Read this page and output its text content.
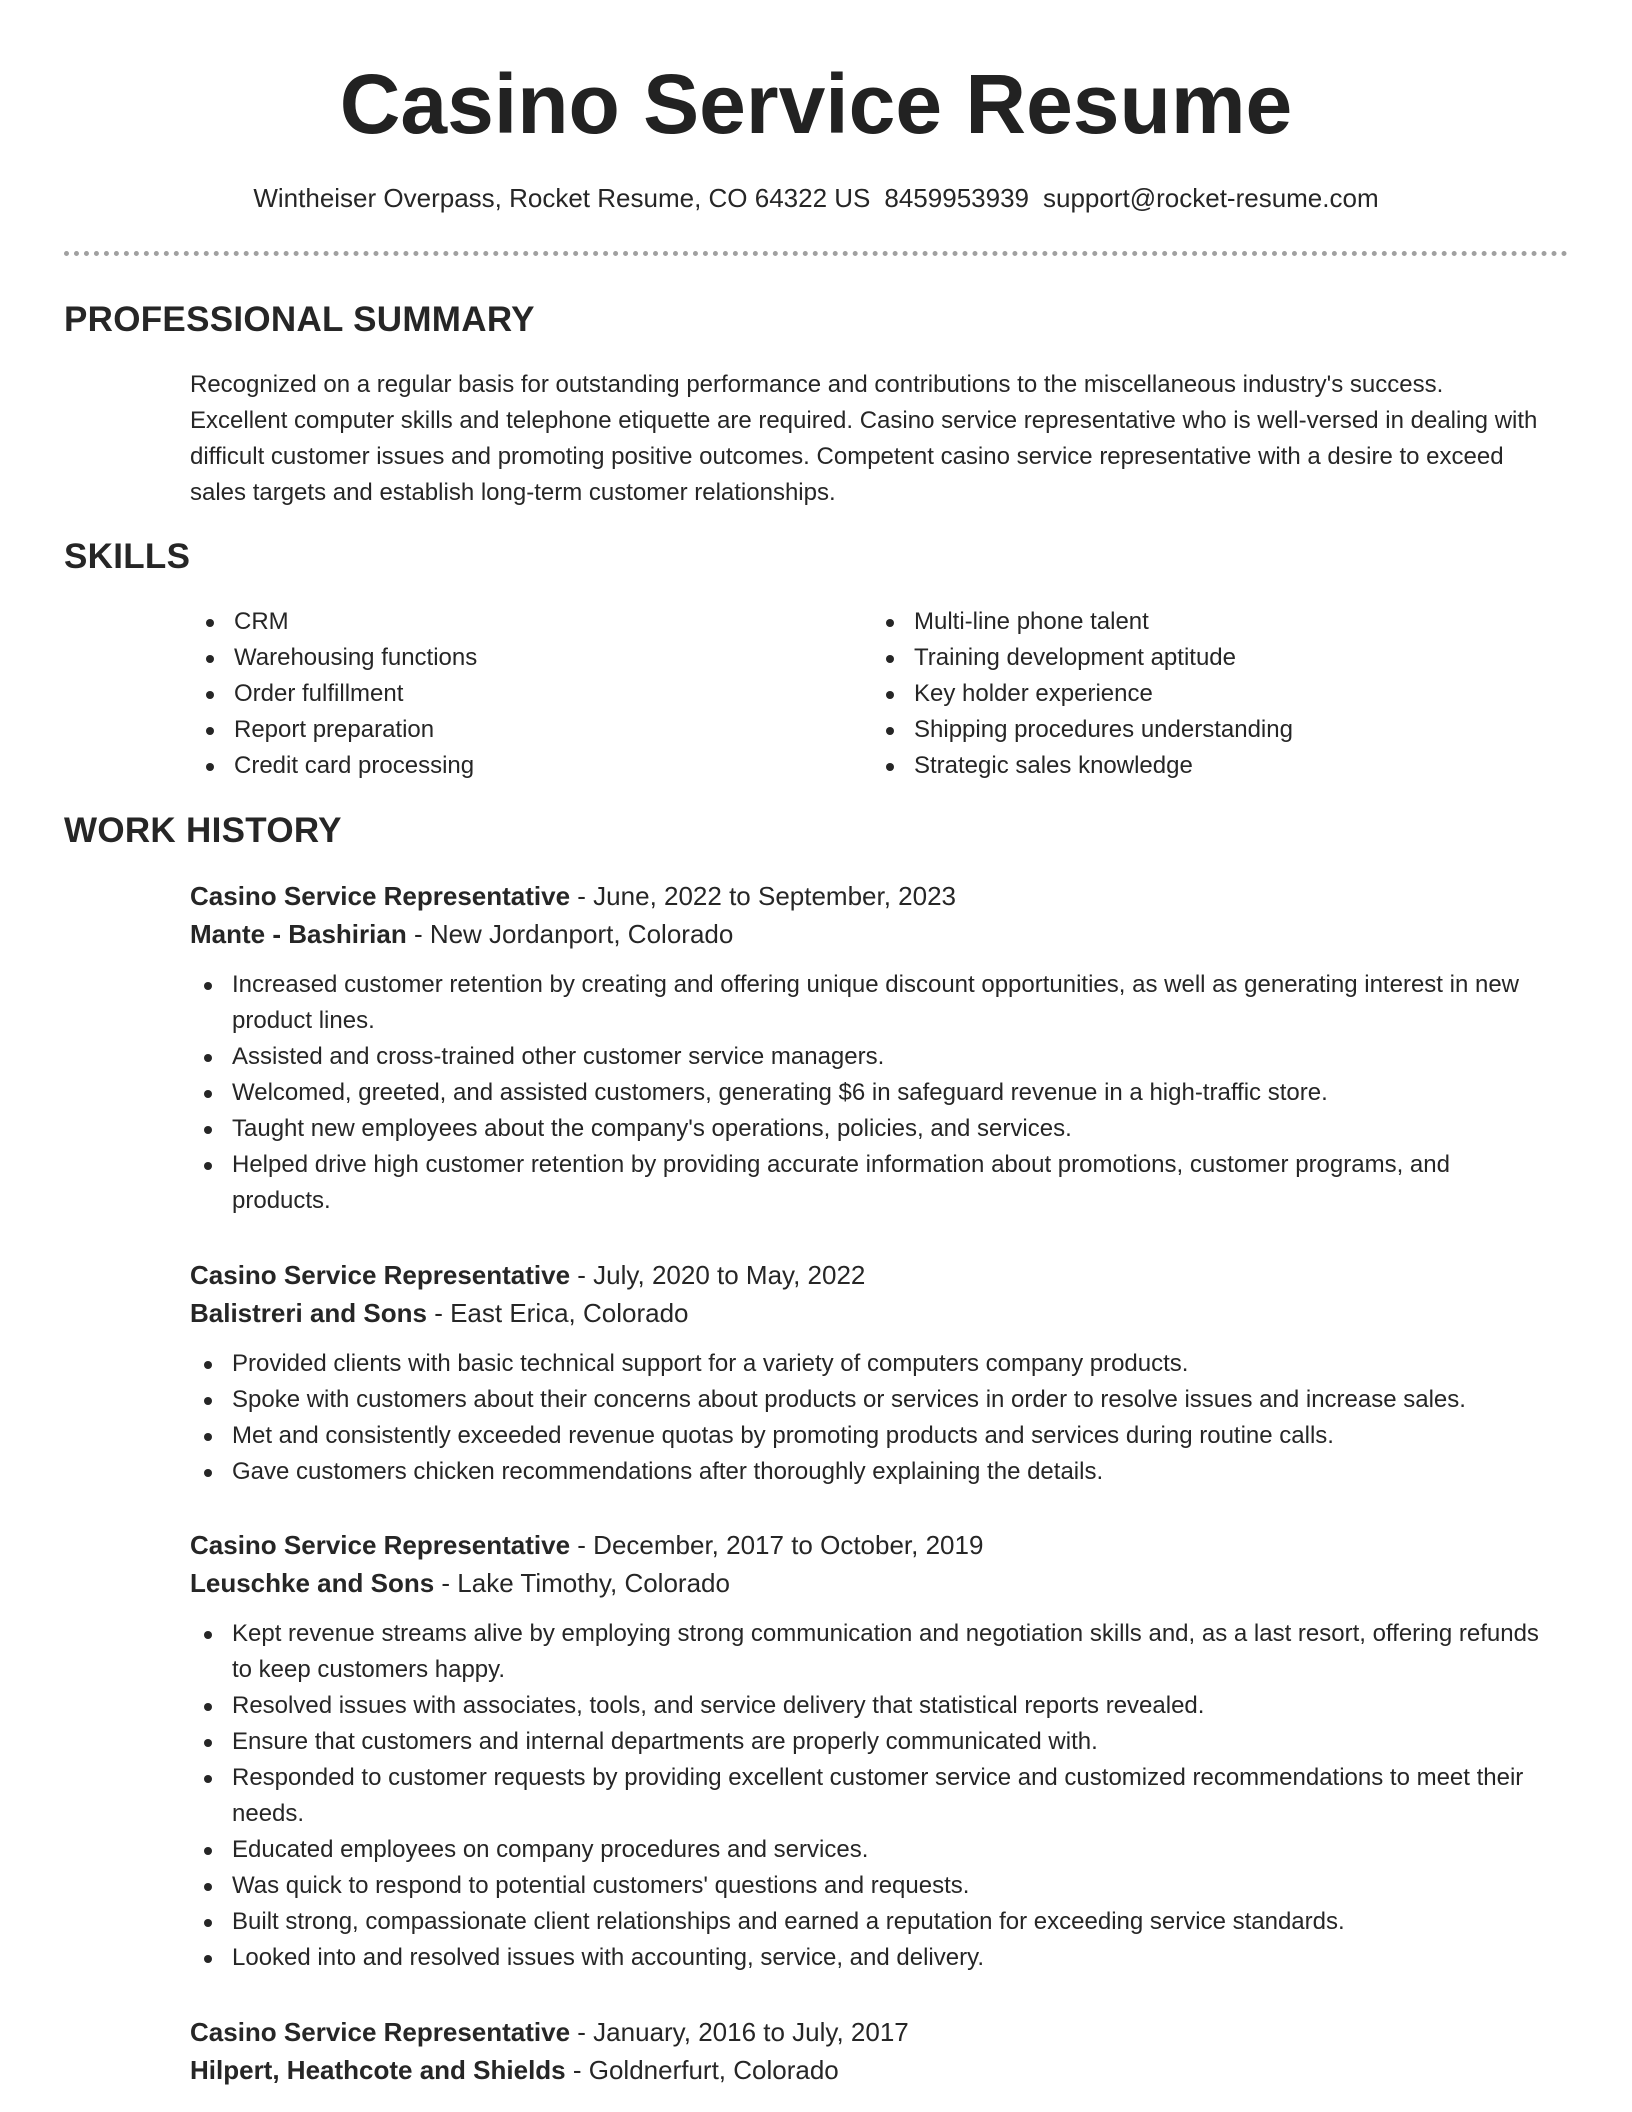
Casino Service Resume
Wintheiser Overpass, Rocket Resume, CO 64322 US 8459953939 support@rocket-resume.com
PROFESSIONAL SUMMARY

Recognized on a regular basis for outstanding performance and contributions to the miscellaneous industry's success. Excellent computer skills and telephone etiquette are required. Casino service representative who is well-versed in dealing with difficult customer issues and promoting positive outcomes. Competent casino service representative with a desire to exceed sales targets and establish long-term customer relationships.

SKILLS
CRM
Warehousing functions
Order fulfillment
Report preparation
Credit card processing
Multi-line phone talent
Training development aptitude
Key holder experience
Shipping procedures understanding
Strategic sales knowledge
WORK HISTORY
Casino Service Representative - June, 2022 to September, 2023
Mante - Bashirian - New Jordanport, Colorado
Increased customer retention by creating and offering unique discount opportunities, as well as generating interest in new product lines.
Assisted and cross-trained other customer service managers.
Welcomed, greeted, and assisted customers, generating $6 in safeguard revenue in a high-traffic store.
Taught new employees about the company's operations, policies, and services.
Helped drive high customer retention by providing accurate information about promotions, customer programs, and products.
Casino Service Representative - July, 2020 to May, 2022
Balistreri and Sons - East Erica, Colorado
Provided clients with basic technical support for a variety of computers company products.
Spoke with customers about their concerns about products or services in order to resolve issues and increase sales.
Met and consistently exceeded revenue quotas by promoting products and services during routine calls.
Gave customers chicken recommendations after thoroughly explaining the details.
Casino Service Representative - December, 2017 to October, 2019
Leuschke and Sons - Lake Timothy, Colorado
Kept revenue streams alive by employing strong communication and negotiation skills and, as a last resort, offering refunds to keep customers happy.
Resolved issues with associates, tools, and service delivery that statistical reports revealed.
Ensure that customers and internal departments are properly communicated with.
Responded to customer requests by providing excellent customer service and customized recommendations to meet their needs.
Educated employees on company procedures and services.
Was quick to respond to potential customers' questions and requests.
Built strong, compassionate client relationships and earned a reputation for exceeding service standards.
Looked into and resolved issues with accounting, service, and delivery.
Casino Service Representative - January, 2016 to July, 2017
Hilpert, Heathcote and Shields - Goldnerfurt, Colorado
